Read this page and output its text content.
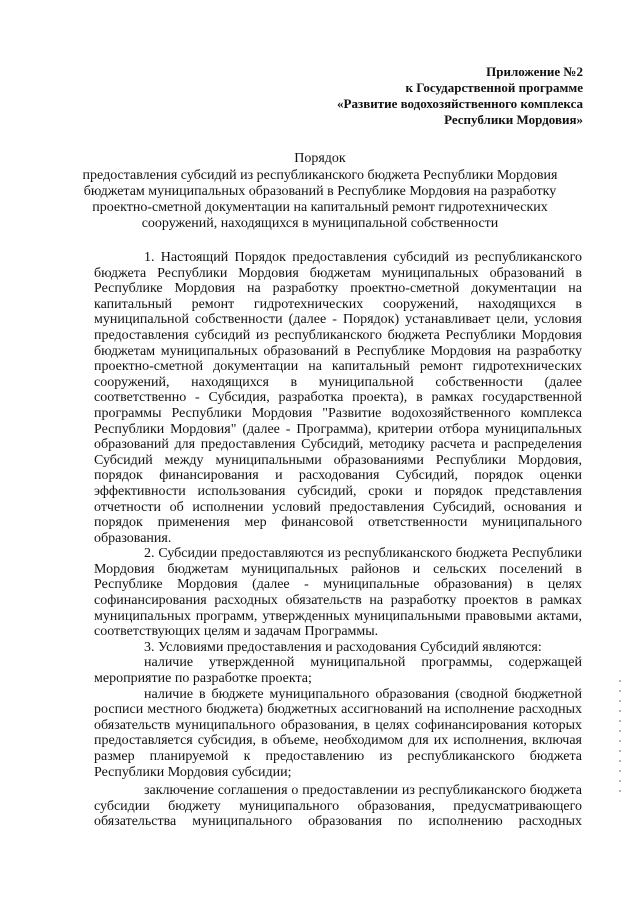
Приложение №2
к Государственной программе
«Развитие водохозяйственного комплекса
Республики Мордовия»
Порядок
предоставления субсидий из республиканского бюджета Республики Мордовия
бюджетам муниципальных образований в Республике Мордовия на разработку
проектно-сметной документации на капитальный ремонт гидротехнических
сооружений, находящихся в муниципальной собственности
1. Настоящий Порядок предоставления субсидий из республиканского
бюджета Республики Мордовия бюджетам муниципальных образований в
Республике Мордовия на разработку проектно-сметной документации на
капитальный ремонт гидротехнических сооружений, находящихся в
муниципальной собственности (далее - Порядок) устанавливает цели, условия
предоставления субсидий из республиканского бюджета Республики Мордовия
бюджетам муниципальных образований в Республике Мордовия на разработку
проектно-сметной документации на капитальный ремонт гидротехнических
сооружений, находящихся в муниципальной собственности (далее
соответственно - Субсидия, разработка проекта), в рамках государственной
программы Республики Мордовия "Развитие водохозяйственного комплекса
Республики Мордовия" (далее - Программа), критерии отбора муниципальных
образований для предоставления Субсидий, методику расчета и распределения
Субсидий между муниципальными образованиями Республики Мордовия,
порядок финансирования и расходования Субсидий, порядок оценки
эффективности использования субсидий, сроки и порядок представления
отчетности об исполнении условий предоставления Субсидий, основания и
порядок применения мер финансовой ответственности муниципального
образования.
2. Субсидии предоставляются из республиканского бюджета Республики
Мордовия бюджетам муниципальных районов и сельских поселений в
Республике Мордовия (далее - муниципальные образования) в целях
софинансирования расходных обязательств на разработку проектов в рамках
муниципальных программ, утвержденных муниципальными правовыми актами,
соответствующих целям и задачам Программы.
3. Условиями предоставления и расходования Субсидий являются:
наличие утвержденной муниципальной программы, содержащей
мероприятие по разработке проекта;
наличие в бюджете муниципального образования (сводной бюджетной
росписи местного бюджета) бюджетных ассигнований на исполнение расходных
обязательств муниципального образования, в целях софинансирования которых
предоставляется субсидия, в объеме, необходимом для их исполнения, включая
размер планируемой к предоставлению из республиканского бюджета
Республики Мордовия субсидии;
заключение соглашения о предоставлении из республиканского бюджета
субсидии бюджету муниципального образования, предусматривающего
обязательства муниципального образования по исполнению расходных
